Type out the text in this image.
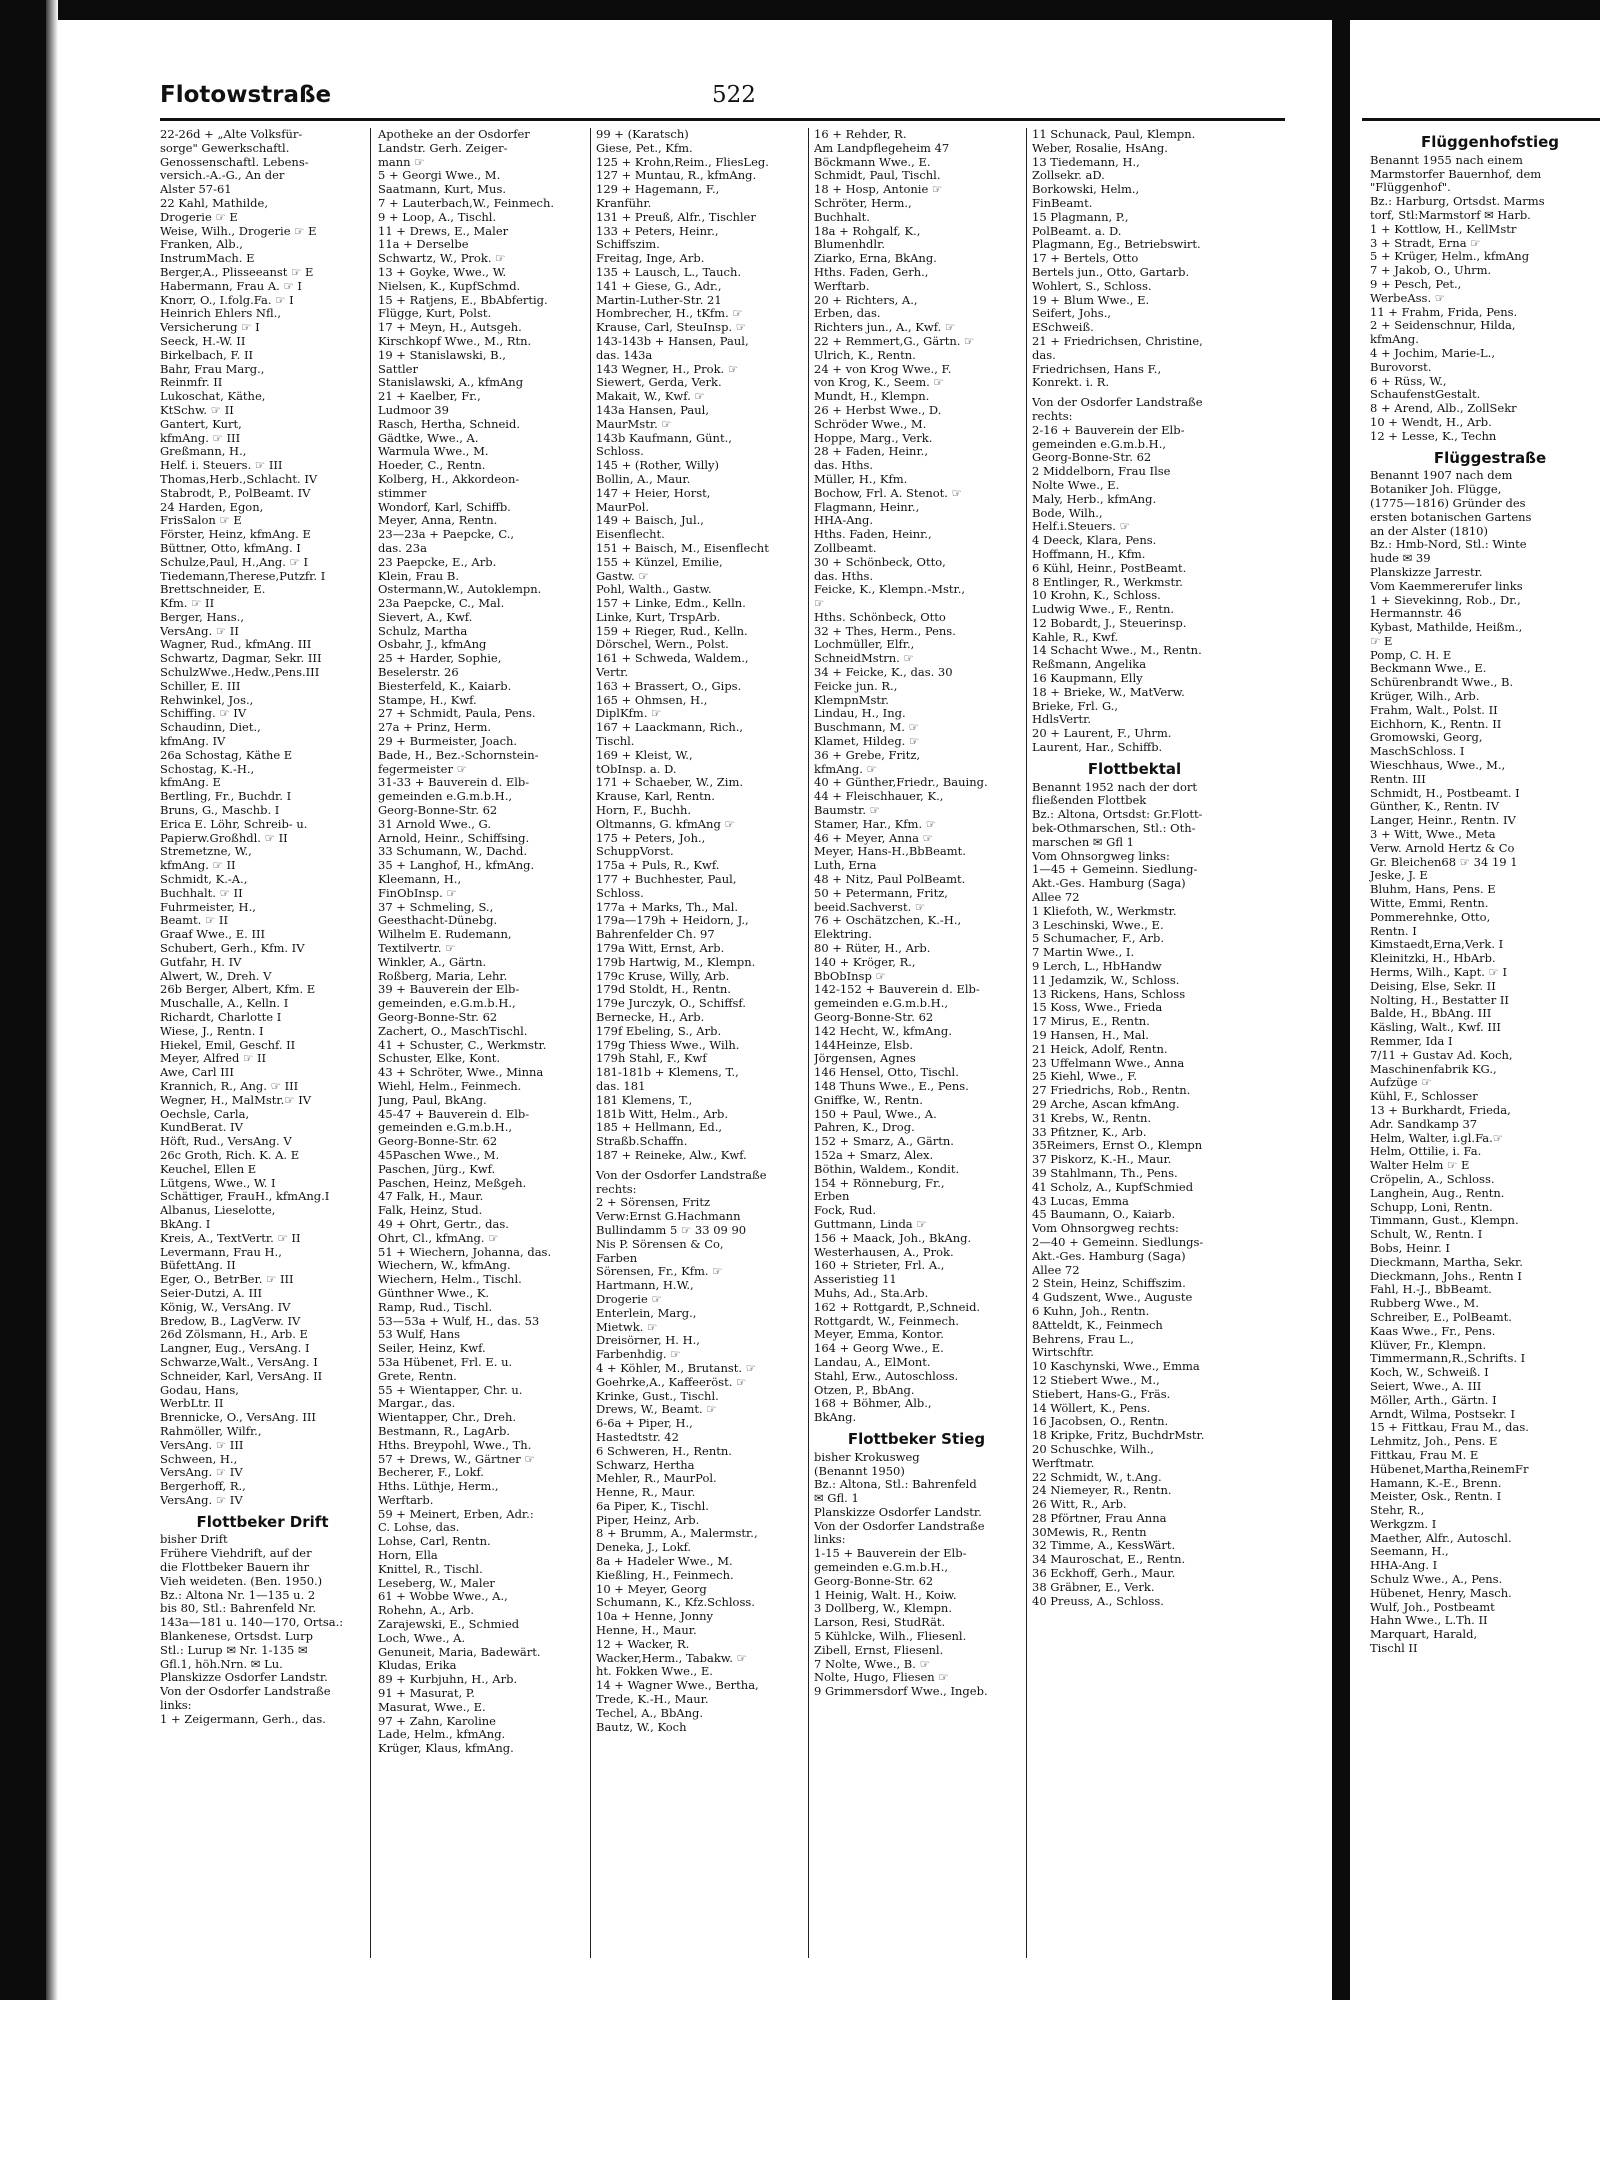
Flotowstraße	522
22-26d + „Alte Volksfür-
sorge" Gewerkschaftl.
Genossenschaftl. Lebens-
versich.-A.-G., An der
Alster 57-61
22 Kahl, Mathilde,
Drogerie ☞ E
Weise, Wilh., Drogerie ☞ E
Franken, Alb.,
InstrumMach. E
Berger,A., Plisseeanst ☞ E
Habermann, Frau A. ☞ I
Knorr, O., I.folg.Fa. ☞ I
Heinrich Ehlers Nfl.,
Versicherung ☞ I
Seeck, H.-W. II
Birkelbach, F. II
Bahr, Frau Marg.,
Reinmfr. II
Lukoschat, Käthe,
KtSchw. ☞ II
Gantert, Kurt,
kfmAng. ☞ III
Greßmann, H.,
Helf. i. Steuers. ☞ III
Thomas,Herb.,Schlacht. IV
Stabrodt, P., PolBeamt. IV
24 Harden, Egon,
FrisSalon ☞ E
Förster, Heinz, kfmAng. E
Büttner, Otto, kfmAng. I
Schulze,Paul, H.,Ang. ☞ I
Tiedemann,Therese,Putzfr. I
Brettschneider, E.
Kfm. ☞ II
Berger, Hans.,
VersAng. ☞ II
Wagner, Rud., kfmAng. III
Schwartz, Dagmar, Sekr. III
SchulzWwe.,Hedw.,Pens.III
Schiller, E. III
Rehwinkel, Jos.,
Schiffing. ☞ IV
Schaudinn, Diet.,
kfmAng. IV
26a Schostag, Käthe E
Schostag, K.-H.,
kfmAng. E
Bertling, Fr., Buchdr. I
Bruns, G., Maschb. I
Erica E. Löhr, Schreib- u.
Papierw.Großhdl. ☞ II
Stremetzne, W.,
kfmAng. ☞ II
Schmidt, K.-A.,
Buchhalt. ☞ II
Fuhrmeister, H.,
Beamt. ☞ II
Graaf Wwe., E. III
Schubert, Gerh., Kfm. IV
Gutfahr, H. IV
Alwert, W., Dreh. V
26b Berger, Albert, Kfm. E
Muschalle, A., Kelln. I
Richardt, Charlotte I
Wiese, J., Rentn. I
Hiekel, Emil, Geschf. II
Meyer, Alfred ☞ II
Awe, Carl III
Krannich, R., Ang. ☞ III
Wegner, H., MalMstr.☞ IV
Oechsle, Carla,
KundBerat. IV
Höft, Rud., VersAng. V
26c Groth, Rich. K. A. E
Keuchel, Ellen E
Lütgens, Wwe., W. I
Schättiger, FrauH., kfmAng.I
Albanus, Lieselotte,
BkAng. I
Kreis, A., TextVertr. ☞ II
Levermann, Frau H.,
BüfettAng. II
Eger, O., BetrBer. ☞ III
Seier-Dutzi, A. III
König, W., VersAng. IV
Bredow, B., LagVerw. IV
26d Zölsmann, H., Arb. E
Langner, Eug., VersAng. I
Schwarze,Walt., VersAng. I
Schneider, Karl, VersAng. II
Godau, Hans,
WerbLtr. II
Brennicke, O., VersAng. III
Rahmöller, Wilfr.,
VersAng. ☞ III
Schween, H.,
VersAng. ☞ IV
Bergerhoff, R.,
VersAng. ☞ IV
Flottbeker Drift
bisher Drift
Frühere Viehdrift, auf der
die Flottbeker Bauern ihr
Vieh weideten. (Ben. 1950.)
Bz.: Altona Nr. 1—135 u. 2
bis 80, Stl.: Bahrenfeld Nr.
143a—181 u. 140—170, Ortsa.:
Blankenese, Ortsdst. Lurp
Stl.: Lurup ✉ Nr. 1-135 ✉
Gfl.1, höh.Nrn. ✉ Lu.
Planskizze Osdorfer Landstr.
Von der Osdorfer Landstraße
links:
1 + Zeigermann, Gerh., das.
Apotheke an der Osdorfer
Landstr. Gerh. Zeiger-
mann ☞
5 + Georgi Wwe., M.
Saatmann, Kurt, Mus.
7 + Lauterbach,W., Feinmech.
9 + Loop, A., Tischl.
11 + Drews, E., Maler
11a + Derselbe
Schwartz, W., Prok. ☞
13 + Goyke, Wwe., W.
Nielsen, K., KupfSchmd.
15 + Ratjens, E., BbAbfertig.
Flügge, Kurt, Polst.
17 + Meyn, H., Autsgeh.
Kirschkopf Wwe., M., Rtn.
19 + Stanislawski, B.,
Sattler
Stanislawski, A., kfmAng
21 + Kaelber, Fr.,
Ludmoor 39
Rasch, Hertha, Schneid.
Gädtke, Wwe., A.
Warmula Wwe., M.
Hoeder, C., Rentn.
Kolberg, H., Akkordeon-
stimmer
Wondorf, Karl, Schiffb.
Meyer, Anna, Rentn.
23—23a + Paepcke, C.,
das. 23a
23 Paepcke, E., Arb.
Klein, Frau B.
Ostermann,W., Autoklempn.
23a Paepcke, C., Mal.
Sievert, A., Kwf.
Schulz, Martha
Osbahr, J., kfmAng
25 + Harder, Sophie,
Beselerstr. 26
Biesterfeld, K., Kaiarb.
Stampe, H., Kwf.
27 + Schmidt, Paula, Pens.
27a + Prinz, Herm.
29 + Burmeister, Joach.
Bade, H., Bez.-Schornstein-
fegermeister ☞
31-33 + Bauverein d. Elb-
gemeinden e.G.m.b.H.,
Georg-Bonne-Str. 62
31 Arnold Wwe., G.
Arnold, Heinr., Schiffsing.
33 Schumann, W., Dachd.
35 + Langhof, H., kfmAng.
Kleemann, H.,
FinObInsp. ☞
37 + Schmeling, S.,
Geesthacht-Dünebg.
Wilhelm E. Rudemann,
Textilvertr. ☞
Winkler, A., Gärtn.
Roßberg, Maria, Lehr.
39 + Bauverein der Elb-
gemeinden, e.G.m.b.H.,
Georg-Bonne-Str. 62
Zachert, O., MaschTischl.
41 + Schuster, C., Werkmstr.
Schuster, Elke, Kont.
43 + Schröter, Wwe., Minna
Wiehl, Helm., Feinmech.
Jung, Paul, BkAng.
45-47 + Bauverein d. Elb-
gemeinden e.G.m.b.H.,
Georg-Bonne-Str. 62
45Paschen Wwe., M.
Paschen, Jürg., Kwf.
Paschen, Heinz, Meßgeh.
47 Falk, H., Maur.
Falk, Heinz, Stud.
49 + Ohrt, Gertr., das.
Ohrt, Cl., kfmAng. ☞
51 + Wiechern, Johanna, das.
Wiechern, W., kfmAng.
Wiechern, Helm., Tischl.
Günthner Wwe., K.
Ramp, Rud., Tischl.
53—53a + Wulf, H., das. 53
53 Wulf, Hans
Seiler, Heinz, Kwf.
53a Hübenet, Frl. E. u.
Grete, Rentn.
55 + Wientapper, Chr. u.
Margar., das.
Wientapper, Chr., Dreh.
Bestmann, R., LagArb.
Hths. Breypohl, Wwe., Th.
57 + Drews, W., Gärtner ☞
Becherer, F., Lokf.
Hths. Lüthje, Herm.,
Werftarb.
59 + Meinert, Erben, Adr.:
C. Lohse, das.
Lohse, Carl, Rentn.
Horn, Ella
Knittel, R., Tischl.
Leseberg, W., Maler
61 + Wobbe Wwe., A.,
Rohehn, A., Arb.
Zarajewski, E., Schmied
Loch, Wwe., A.
Genuneit, Maria, Badewärt.
Kludas, Erika
89 + Kurbjuhn, H., Arb.
91 + Masurat, P.
Masurat, Wwe., E.
97 + Zahn, Karoline
Lade, Helm., kfmAng.
Krüger, Klaus, kfmAng.
99 + (Karatsch)
Giese, Pet., Kfm.
125 + Krohn,Reim., FliesLeg.
127 + Muntau, R., kfmAng.
129 + Hagemann, F.,
Kranführ.
131 + Preuß, Alfr., Tischler
133 + Peters, Heinr.,
Schiffszim.
Freitag, Inge, Arb.
135 + Lausch, L., Tauch.
141 + Giese, G., Adr.,
Martin-Luther-Str. 21
Hombrecher, H., tKfm. ☞
Krause, Carl, SteuInsp. ☞
143-143b + Hansen, Paul,
das. 143a
143 Wegner, H., Prok. ☞
Siewert, Gerda, Verk.
Makait, W., Kwf. ☞
143a Hansen, Paul,
MaurMstr. ☞
143b Kaufmann, Günt.,
Schloss.
145 + (Rother, Willy)
Bollin, A., Maur.
147 + Heier, Horst,
MaurPol.
149 + Baisch, Jul.,
Eisenflecht.
151 + Baisch, M., Eisenflecht
155 + Künzel, Emilie,
Gastw. ☞
Pohl, Walth., Gastw.
157 + Linke, Edm., Kelln.
Linke, Kurt, TrspArb.
159 + Rieger, Rud., Kelln.
Dörschel, Wern., Polst.
161 + Schweda, Waldem.,
Vertr.
163 + Brassert, O., Gips.
165 + Ohmsen, H.,
DiplKfm. ☞
167 + Laackmann, Rich.,
Tischl.
169 + Kleist, W.,
tObInsp. a. D.
171 + Schaeber, W., Zim.
Krause, Karl, Rentn.
Horn, F., Buchh.
Oltmanns, G. kfmAng ☞
175 + Peters, Joh.,
SchuppVorst.
175a + Puls, R., Kwf.
177 + Buchhester, Paul,
Schloss.
177a + Marks, Th., Mal.
179a—179h + Heidorn, J.,
Bahrenfelder Ch. 97
179a Witt, Ernst, Arb.
179b Hartwig, M., Klempn.
179c Kruse, Willy, Arb.
179d Stoldt, H., Rentn.
179e Jurczyk, O., Schiffsf.
Bernecke, H., Arb.
179f Ebeling, S., Arb.
179g Thiess Wwe., Wilh.
179h Stahl, F., Kwf
181-181b + Klemens, T.,
das. 181
181 Klemens, T.,
181b Witt, Helm., Arb.
185 + Hellmann, Ed.,
Straßb.Schaffn.
187 + Reineke, Alw., Kwf.
Von der Osdorfer Landstraße
rechts:
2 + Sörensen, Fritz
Verw:Ernst G.Hachmann
Bullindamm 5 ☞ 33 09 90
Nis P. Sörensen & Co,
Farben
Sörensen, Fr., Kfm. ☞
Hartmann, H.W.,
Drogerie ☞
Enterlein, Marg.,
Mietwk. ☞
Dreisörner, H. H.,
Farbenhdig. ☞
4 + Köhler, M., Brutanst. ☞
Goehrke,A., Kaffeeröst. ☞
Krinke, Gust., Tischl.
Drews, W., Beamt. ☞
6-6a + Piper, H.,
Hastedtstr. 42
6 Schweren, H., Rentn.
Schwarz, Hertha
Mehler, R., MaurPol.
Henne, R., Maur.
6a Piper, K., Tischl.
Piper, Heinz, Arb.
8 + Brumm, A., Malermstr.,
Deneka, J., Lokf.
8a + Hadeler Wwe., M.
Kießling, H., Feinmech.
10 + Meyer, Georg
Schumann, K., Kfz.Schloss.
10a + Henne, Jonny
Henne, H., Maur.
12 + Wacker, R.
Wacker,Herm., Tabakw. ☞
ht. Fokken Wwe., E.
14 + Wagner Wwe., Bertha,
Trede, K.-H., Maur.
Techel, A., BbAng.
Bautz, W., Koch
16 + Rehder, R.
Am Landpflegeheim 47
Böckmann Wwe., E.
Schmidt, Paul, Tischl.
18 + Hosp, Antonie ☞
Schröter, Herm.,
Buchhalt.
18a + Rohgalf, K.,
Blumenhdlr.
Ziarko, Erna, BkAng.
Hths. Faden, Gerh.,
Werftarb.
20 + Richters, A.,
Erben, das.
Richters jun., A., Kwf. ☞
22 + Remmert,G., Gärtn. ☞
Ulrich, K., Rentn.
24 + von Krog Wwe., F.
von Krog, K., Seem. ☞
Mundt, H., Klempn.
26 + Herbst Wwe., D.
Schröder Wwe., M.
Hoppe, Marg., Verk.
28 + Faden, Heinr.,
das. Hths.
Müller, H., Kfm.
Bochow, Frl. A. Stenot. ☞
Flagmann, Heinr.,
HHA-Ang.
Hths. Faden, Heinr.,
Zollbeamt.
30 + Schönbeck, Otto,
das. Hths.
Feicke, K., Klempn.-Mstr.,
☞
Hths. Schönbeck, Otto
32 + Thes, Herm., Pens.
Lochmüller, Elfr.,
SchneidMstrn. ☞
34 + Feicke, K., das. 30
Feicke jun. R.,
KlempnMstr.
Lindau, H., Ing.
Buschmann, M. ☞
Klamet, Hildeg. ☞
36 + Grebe, Fritz,
kfmAng. ☞
40 + Günther,Friedr., Bauing.
44 + Fleischhauer, K.,
Baumstr. ☞
Stamer, Har., Kfm. ☞
46 + Meyer, Anna ☞
Meyer, Hans-H.,BbBeamt.
Luth, Erna
48 + Nitz, Paul PolBeamt.
50 + Petermann, Fritz,
beeid.Sachverst. ☞
76 + Oschätzchen, K.-H.,
Elektring.
80 + Rüter, H., Arb.
140 + Kröger, R.,
BbObInsp ☞
142-152 + Bauverein d. Elb-
gemeinden e.G.m.b.H.,
Georg-Bonne-Str. 62
142 Hecht, W., kfmAng.
144Heinze, Elsb.
Jörgensen, Agnes
146 Hensel, Otto, Tischl.
148 Thuns Wwe., E., Pens.
Gniffke, W., Rentn.
150 + Paul, Wwe., A.
Pahren, K., Drog.
152 + Smarz, A., Gärtn.
152a + Smarz, Alex.
Böthin, Waldem., Kondit.
154 + Rönneburg, Fr.,
Erben
Fock, Rud.
Guttmann, Linda ☞
156 + Maack, Joh., BkAng.
Westerhausen, A., Prok.
160 + Strieter, Frl. A.,
Asseristieg 11
Muhs, Ad., Sta.Arb.
162 + Rottgardt, P.,Schneid.
Rottgardt, W., Feinmech.
Meyer, Emma, Kontor.
164 + Georg Wwe., E.
Landau, A., ElMont.
Stahl, Erw., Autoschloss.
Otzen, P., BbAng.
168 + Böhmer, Alb.,
BkAng.
Flottbeker Stieg
bisher Krokusweg
(Benannt 1950)
Bz.: Altona, Stl.: Bahrenfeld
✉ Gfl. 1
Planskizze Osdorfer Landstr.
Von der Osdorfer Landstraße
links:
1-15 + Bauverein der Elb-
gemeinden e.G.m.b.H.,
Georg-Bonne-Str. 62
1 Heinig, Walt. H., Koiw.
3 Dollberg, W., Klempn.
Larson, Resi, StudRät.
5 Kühlcke, Wilh., Fliesenl.
Zibell, Ernst, Fliesenl.
7 Nolte, Wwe., B. ☞
Nolte, Hugo, Fliesen ☞
9 Grimmersdorf Wwe., Ingeb.
11 Schunack, Paul, Klempn.
Weber, Rosalie, HsAng.
13 Tiedemann, H.,
Zollsekr. aD.
Borkowski, Helm.,
FinBeamt.
15 Plagmann, P.,
PolBeamt. a. D.
Plagmann, Eg., Betriebswirt.
17 + Bertels, Otto
Bertels jun., Otto, Gartarb.
Wohlert, S., Schloss.
19 + Blum Wwe., E.
Seifert, Johs.,
ESchweiß.
21 + Friedrichsen, Christine,
das.
Friedrichsen, Hans F.,
Konrekt. i. R.
Von der Osdorfer Landstraße
rechts:
2-16 + Bauverein der Elb-
gemeinden e.G.m.b.H.,
Georg-Bonne-Str. 62
2 Middelborn, Frau Ilse
Nolte Wwe., E.
Maly, Herb., kfmAng.
Bode, Wilh.,
Helf.i.Steuers. ☞
4 Deeck, Klara, Pens.
Hoffmann, H., Kfm.
6 Kühl, Heinr., PostBeamt.
8 Entlinger, R., Werkmstr.
10 Krohn, K., Schloss.
Ludwig Wwe., F., Rentn.
12 Bobardt, J., Steuerinsp.
Kahle, R., Kwf.
14 Schacht Wwe., M., Rentn.
Reßmann, Angelika
16 Kaupmann, Elly
18 + Brieke, W., MatVerw.
Brieke, Frl. G.,
HdlsVertr.
20 + Laurent, F., Uhrm.
Laurent, Har., Schiffb.
Flottbektal
Benannt 1952 nach der dort
fließenden Flottbek
Bz.: Altona, Ortsdst: Gr.Flott-
bek-Othmarschen, Stl.: Oth-
marschen ✉ Gfl 1
Vom Ohnsorgweg links:
1—45 + Gemeinn. Siedlung-
Akt.-Ges. Hamburg (Saga)
Allee 72
1 Kliefoth, W., Werkmstr.
3 Leschinski, Wwe., E.
5 Schumacher, F., Arb.
7 Martin Wwe., I.
9 Lerch, L., HbHandw
11 Jedamzik, W., Schloss.
13 Rickens, Hans, Schloss
15 Koss, Wwe., Frieda
17 Mirus, E., Rentn.
19 Hansen, H., Mal.
21 Heick, Adolf, Rentn.
23 Uffelmann Wwe., Anna
25 Kiehl, Wwe., F.
27 Friedrichs, Rob., Rentn.
29 Arche, Ascan kfmAng.
31 Krebs, W., Rentn.
33 Pfitzner, K., Arb.
35Reimers, Ernst O., Klempn
37 Piskorz, K.-H., Maur.
39 Stahlmann, Th., Pens.
41 Scholz, A., KupfSchmied
43 Lucas, Emma
45 Baumann, O., Kaiarb.
Vom Ohnsorgweg rechts:
2—40 + Gemeinn. Siedlungs-
Akt.-Ges. Hamburg (Saga)
Allee 72
2 Stein, Heinz, Schiffszim.
4 Gudszent, Wwe., Auguste
6 Kuhn, Joh., Rentn.
8Atteldt, K., Feinmech
Behrens, Frau L.,
Wirtschftr.
10 Kaschynski, Wwe., Emma
12 Stiebert Wwe., M.,
Stiebert, Hans-G., Fräs.
14 Wöllert, K., Pens.
16 Jacobsen, O., Rentn.
18 Kripke, Fritz, BuchdrMstr.
20 Schuschke, Wilh.,
Werftmatr.
22 Schmidt, W., t.Ang.
24 Niemeyer, R., Rentn.
26 Witt, R., Arb.
28 Pförtner, Frau Anna
30Mewis, R., Rentn
32 Timme, A., KessWärt.
34 Mauroschat, E., Rentn.
36 Eckhoff, Gerh., Maur.
38 Gräbner, E., Verk.
40 Preuss, A., Schloss.
Flüggenhofstieg
Benannt 1955 nach einem
Marmstorfer Bauernhof, dem
"Flüggenhof".
Bz.: Harburg, Ortsdst. Marms
torf, Stl:Marmstorf ✉ Harb.
1 + Kottlow, H., KellMstr
3 + Stradt, Erna ☞
5 + Krüger, Helm., kfmAng
7 + Jakob, O., Uhrm.
9 + Pesch, Pet.,
WerbeAss. ☞
11 + Frahm, Frida, Pens.
2 + Seidenschnur, Hilda,
kfmAng.
4 + Jochim, Marie-L.,
Burovorst.
6 + Rüss, W.,
SchaufenstGestalt.
8 + Arend, Alb., ZollSekr
10 + Wendt, H., Arb.
12 + Lesse, K., Techn
Flüggestraße
Benannt 1907 nach dem
Botaniker Joh. Flügge,
(1775—1816) Gründer des
ersten botanischen Gartens
an der Alster (1810)
Bz.: Hmb-Nord, Stl.: Winte
hude ✉ 39
Planskizze Jarrestr.
Vom Kaemmererufer links
1 + Sievekinng, Rob., Dr.,
Hermannstr. 46
Kybast, Mathilde, Heißm.,
☞ E
Pomp, C. H. E
Beckmann Wwe., E.
Schürenbrandt Wwe., B.
Krüger, Wilh., Arb.
Frahm, Walt., Polst. II
Eichhorn, K., Rentn. II
Gromowski, Georg,
MaschSchloss. I
Wieschhaus, Wwe., M.,
Rentn. III
Schmidt, H., Postbeamt. I
Günther, K., Rentn. IV
Langer, Heinr., Rentn. IV
3 + Witt, Wwe., Meta
Verw. Arnold Hertz & Co
Gr. Bleichen68 ☞ 34 19 1
Jeske, J. E
Bluhm, Hans, Pens. E
Witte, Emmi, Rentn.
Pommerehnke, Otto,
Rentn. I
Kimstaedt,Erna,Verk. I
Kleinitzki, H., HbArb.
Herms, Wilh., Kapt. ☞ I
Deising, Else, Sekr. II
Nolting, H., Bestatter II
Balde, H., BbAng. III
Käsling, Walt., Kwf. III
Remmer, Ida I
7/11 + Gustav Ad. Koch,
Maschinenfabrik KG.,
Aufzüge ☞
Kühl, F., Schlosser
13 + Burkhardt, Frieda,
Adr. Sandkamp 37
Helm, Walter, i.gl.Fa.☞
Helm, Ottilie, i. Fa.
Walter Helm ☞ E
Cröpelin, A., Schloss.
Langhein, Aug., Rentn.
Schupp, Loni, Rentn.
Timmann, Gust., Klempn.
Schult, W., Rentn. I
Bobs, Heinr. I
Dieckmann, Martha, Sekr.
Dieckmann, Johs., Rentn I
Fahl, H.-J., BbBeamt.
Rubberg Wwe., M.
Schreiber, E., PolBeamt.
Kaas Wwe., Fr., Pens.
Klüver, Fr., Klempn.
Timmermann,R.,Schrifts. I
Koch, W., Schweiß. I
Seiert, Wwe., A. III
Möller, Arth., Gärtn. I
Arndt, Wilma, Postsekr. I
15 + Fittkau, Frau M., das.
Lehmitz, Joh., Pens. E
Fittkau, Frau M. E
Hübenet,Martha,ReinemFr
Hamann, K.-E., Brenn.
Meister, Osk., Rentn. I
Stehr, R.,
Werkgzm. I
Maether, Alfr., Autoschl.
Seemann, H.,
HHA-Ang. I
Schulz Wwe., A., Pens.
Hübenet, Henry, Masch.
Wulf, Joh., Postbeamt
Hahn Wwe., L.Th. II
Marquart, Harald,
Tischl II
